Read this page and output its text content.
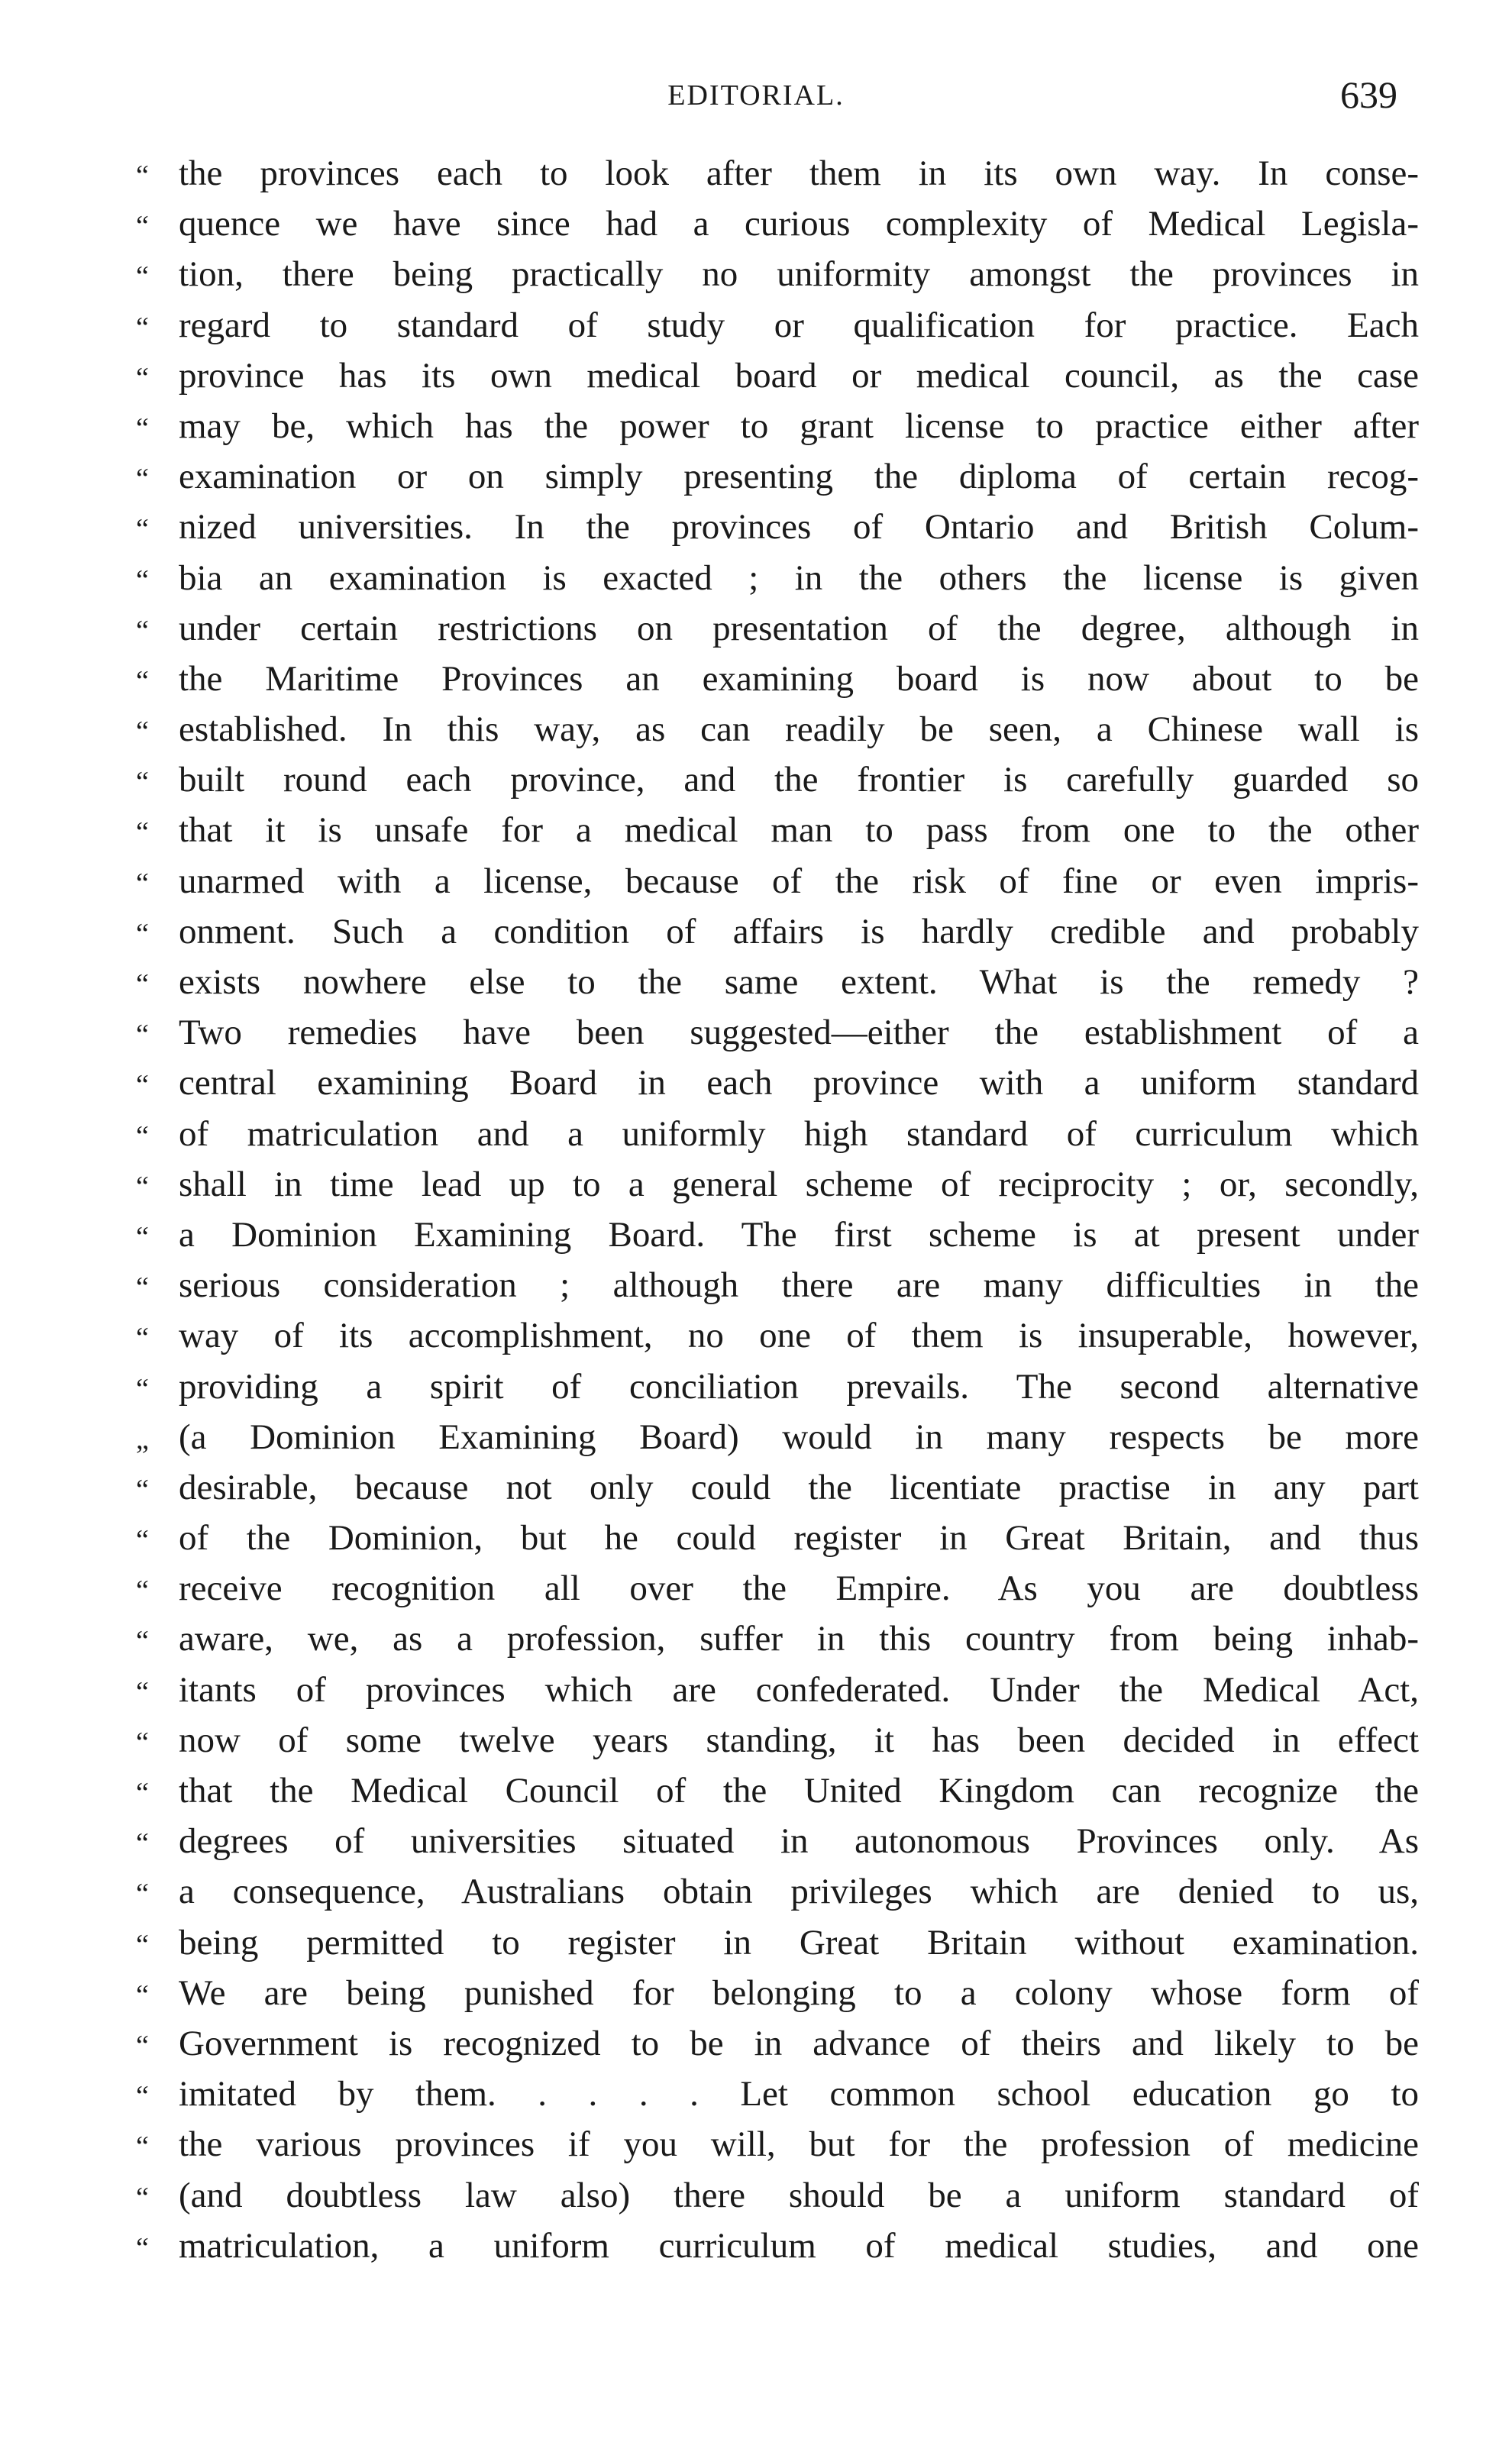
EDITORIAL.	639
“ the provinces each to look after them in its own way. In conse-
“ quence we have since had a curious complexity of Medical Legisla-
“ tion, there being practically no uniformity amongst the provinces in
“ regard to standard of study or qualification for practice. Each
“ province has its own medical board or medical council, as the case
“ may be, which has the power to grant license to practice either after
“ examination or on simply presenting the diploma of certain recog-
“ nized universities. In the provinces of Ontario and British Colum-
“ bia an examination is exacted ; in the others the license is given
“ under certain restrictions on presentation of the degree, although in
“ the Maritime Provinces an examining board is now about to be
“ established. In this way, as can readily be seen, a Chinese wall is
“ built round each province, and the frontier is carefully guarded so
“ that it is unsafe for a medical man to pass from one to the other
“ unarmed with a license, because of the risk of fine or even impris-
“ onment. Such a condition of affairs is hardly credible and probably
“ exists nowhere else to the same extent. What is the remedy ?
“ Two remedies have been suggested—either the establishment of a
“ central examining Board in each province with a uniform standard
“ of matriculation and a uniformly high standard of curriculum which
“ shall in time lead up to a general scheme of reciprocity ; or, secondly,
“ a Dominion Examining Board. The first scheme is at present under
“ serious consideration ; although there are many difficulties in the
“ way of its accomplishment, no one of them is insuperable, however,
“ providing a spirit of conciliation prevails. The second alternative
„ (a Dominion Examining Board) would in many respects be more
“ desirable, because not only could the licentiate practise in any part
“ of the Dominion, but he could register in Great Britain, and thus
“ receive recognition all over the Empire. As you are doubtless
“ aware, we, as a profession, suffer in this country from being inhab-
“ itants of provinces which are confederated. Under the Medical Act,
“ now of some twelve years standing, it has been decided in effect
“ that the Medical Council of the United Kingdom can recognize the
“ degrees of universities situated in autonomous Provinces only. As
“ a consequence, Australians obtain privileges which are denied to us,
“ being permitted to register in Great Britain without examination.
“ We are being punished for belonging to a colony whose form of
“ Government is recognized to be in advance of theirs and likely to be
“ imitated by them. . . . . Let common school education go to
“ the various provinces if you will, but for the profession of medicine
“ (and doubtless law also) there should be a uniform standard of
“ matriculation, a uniform curriculum of medical studies, and one
